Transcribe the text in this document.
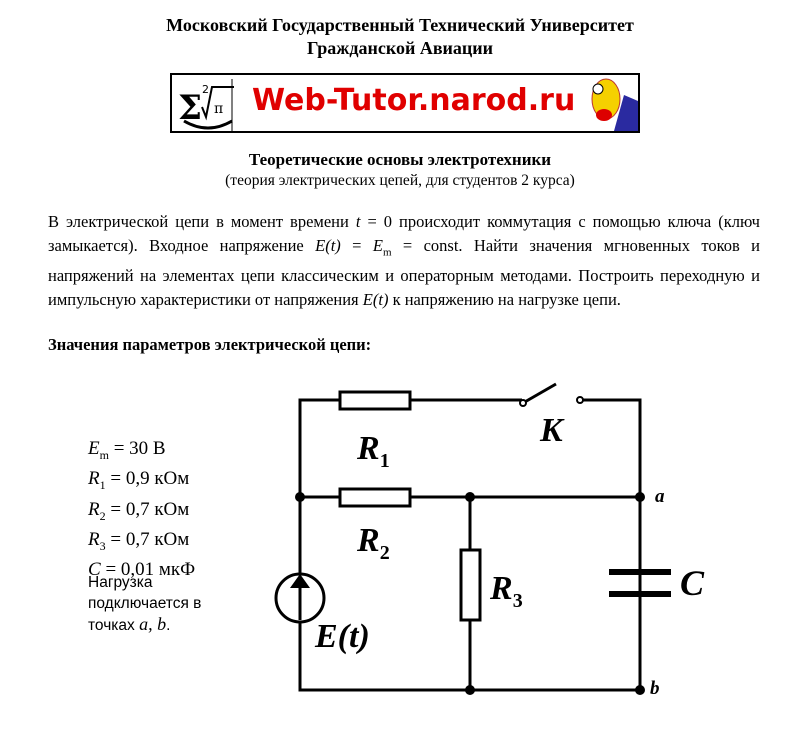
Московский Государственный Технический Университет
Гражданской Авиации
Σ 2
π Web-Tutor.narod.ru
Теоретические основы электротехники
(теория электрических цепей, для студентов 2 курса)
В электрической цепи в момент времени t = 0 происходит коммутация с помощью ключа (ключ замыкается). Входное напряжение $E(t) = E_m$ = const. Найти значения мгновенных токов и напряжений на элементах цепи классическим и операторным методами. Построить переходную и импульсную характеристики от напряжения E(t) к напряжению на нагрузке цепи.
Значения параметров электрической цепи:
$E_m = 30$ В
$R_1 = 0,9$ кОм
$R_2 = 0,7$ кОм
$R_3 = 0,7$ кОм
C = 0,01 мкФ
Нагрузка
подключается в
точках a, b.
$R_1$
K
$R_2$
$R_3$	C
E(t)
a
b
